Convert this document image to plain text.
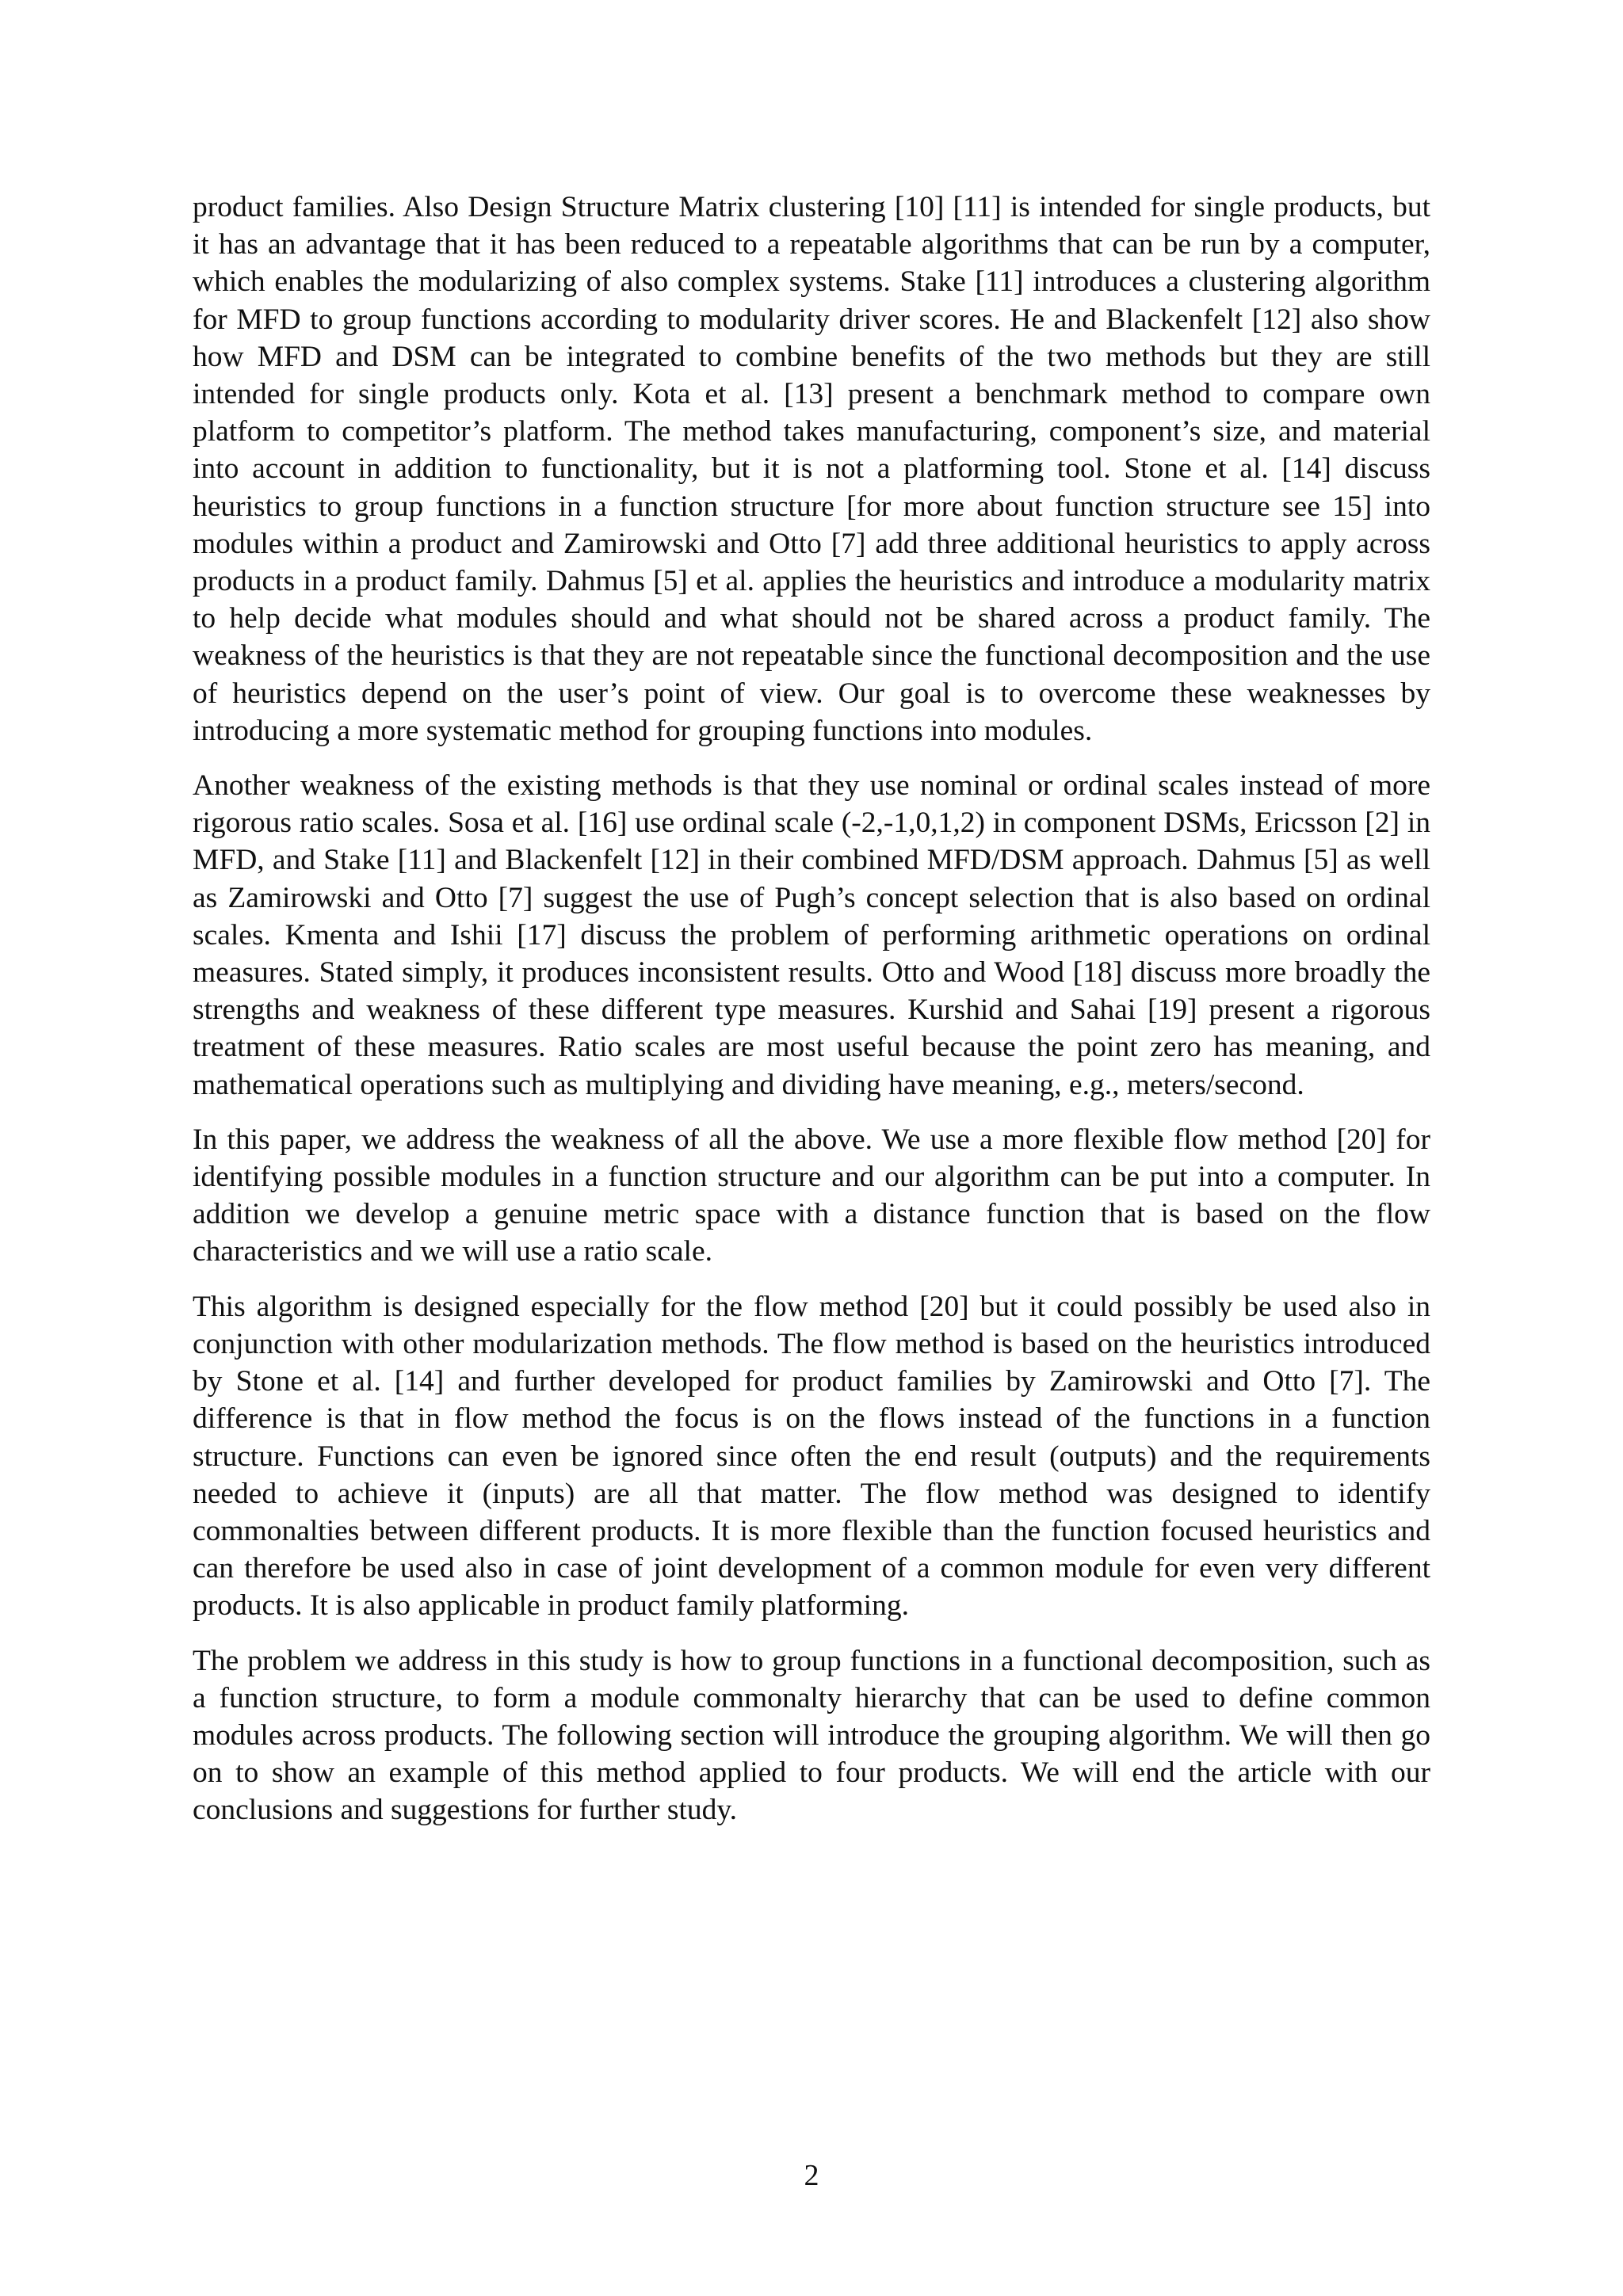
product families. Also Design Structure Matrix clustering [10] [11] is intended for single products, but it has an advantage that it has been reduced to a repeatable algorithms that can be run by a computer, which enables the modularizing of also complex systems. Stake [11] introduces a clustering algorithm for MFD to group functions according to modularity driver scores. He and Blackenfelt [12] also show how MFD and DSM can be integrated to combine benefits of the two methods but they are still intended for single products only. Kota et al. [13] present a benchmark method to compare own platform to competitor’s platform. The method takes manufacturing, component’s size, and material into account in addition to functionality, but it is not a platforming tool. Stone et al. [14] discuss heuristics to group functions in a function structure [for more about function structure see 15] into modules within a product and Zamirowski and Otto [7] add three additional heuristics to apply across products in a product family. Dahmus [5] et al. applies the heuristics and introduce a modularity matrix to help decide what modules should and what should not be shared across a product family. The weakness of the heuristics is that they are not repeatable since the functional decomposition and the use of heuristics depend on the user’s point of view. Our goal is to overcome these weaknesses by introducing a more systematic method for grouping functions into modules.

Another weakness of the existing methods is that they use nominal or ordinal scales instead of more rigorous ratio scales. Sosa et al. [16] use ordinal scale (-2,-1,0,1,2) in component DSMs, Ericsson [2] in MFD, and Stake [11] and Blackenfelt [12] in their combined MFD/DSM approach. Dahmus [5] as well as Zamirowski and Otto [7] suggest the use of Pugh’s concept selection that is also based on ordinal scales. Kmenta and Ishii [17] discuss the problem of performing arithmetic operations on ordinal measures. Stated simply, it produces inconsistent results. Otto and Wood [18] discuss more broadly the strengths and weakness of these different type measures. Kurshid and Sahai [19] present a rigorous treatment of these measures. Ratio scales are most useful because the point zero has meaning, and mathematical operations such as multiplying and dividing have meaning, e.g., meters/second.

In this paper, we address the weakness of all the above. We use a more flexible flow method [20] for identifying possible modules in a function structure and our algorithm can be put into a computer. In addition we develop a genuine metric space with a distance function that is based on the flow characteristics and we will use a ratio scale.

This algorithm is designed especially for the flow method [20] but it could possibly be used also in conjunction with other modularization methods. The flow method is based on the heuristics introduced by Stone et al. [14] and further developed for product families by Zamirowski and Otto [7]. The difference is that in flow method the focus is on the flows instead of the functions in a function structure. Functions can even be ignored since often the end result (outputs) and the requirements needed to achieve it (inputs) are all that matter. The flow method was designed to identify commonalties between different products. It is more flexible than the function focused heuristics and can therefore be used also in case of joint development of a common module for even very different products. It is also applicable in product family platforming.

The problem we address in this study is how to group functions in a functional decomposition, such as a function structure, to form a module commonalty hierarchy that can be used to define common modules across products. The following section will introduce the grouping algorithm. We will then go on to show an example of this method applied to four products. We will end the article with our conclusions and suggestions for further study.

2
